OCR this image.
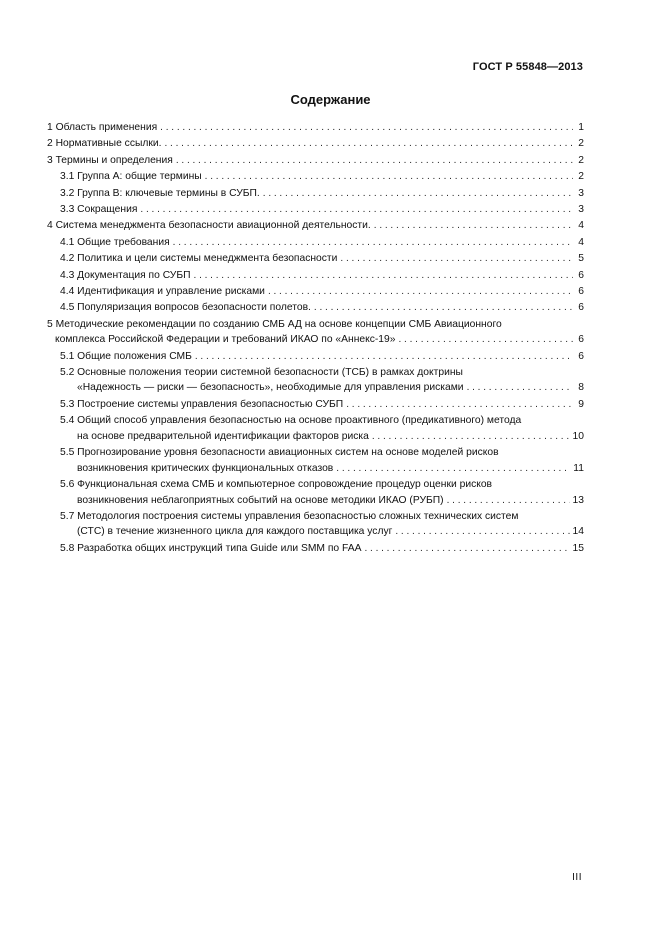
ГОСТ Р 55848—2013
Содержание
1 Область применения . . .	1
2 Нормативные ссылки. . . .	2
3 Термины и определения . . .	2
3.1 Группа А: общие термины . . .	2
3.2 Группа В: ключевые термины в СУБП. . . .	3
3.3 Сокращения . . .	3
4 Система менеджмента безопасности авиационной деятельности. . . .	4
4.1 Общие требования . . .	4
4.2 Политика и цели системы менеджмента безопасности . . .	5
4.3 Документация по СУБП . . .	6
4.4 Идентификация и управление рисками . . .	6
4.5 Популяризация вопросов безопасности полетов. . . .	6
5 Методические рекомендации по созданию СМБ АД на основе концепции СМБ Авиационного
комплекса Российской Федерации и требований ИКАО по «Аннекс-19» . . .	6
5.1 Общие положения СМБ . . .	6
5.2 Основные положения теории системной безопасности (ТСБ) в рамках доктрины
«Надежность — риски — безопасность», необходимые для управления рисками . . .	8
5.3 Построение системы управления безопасностью СУБП . . .	9
5.4 Общий способ управления безопасностью на основе проактивного (предикативного) метода
на основе предварительной идентификации факторов риска . . .	10
5.5 Прогнозирование уровня безопасности авиационных систем на основе моделей рисков
возникновения критических функциональных отказов . . .	11
5.6 Функциональная схема СМБ и компьютерное сопровождение процедур оценки рисков
возникновения неблагоприятных событий на основе методики ИКАО (РУБП) . . .	13
5.7 Методология построения системы управления безопасностью сложных технических систем
(СТС) в течение жизненного цикла для каждого поставщика услуг . . .	14
5.8 Разработка общих инструкций типа Guide или SMM по FAA . . .	15
III
